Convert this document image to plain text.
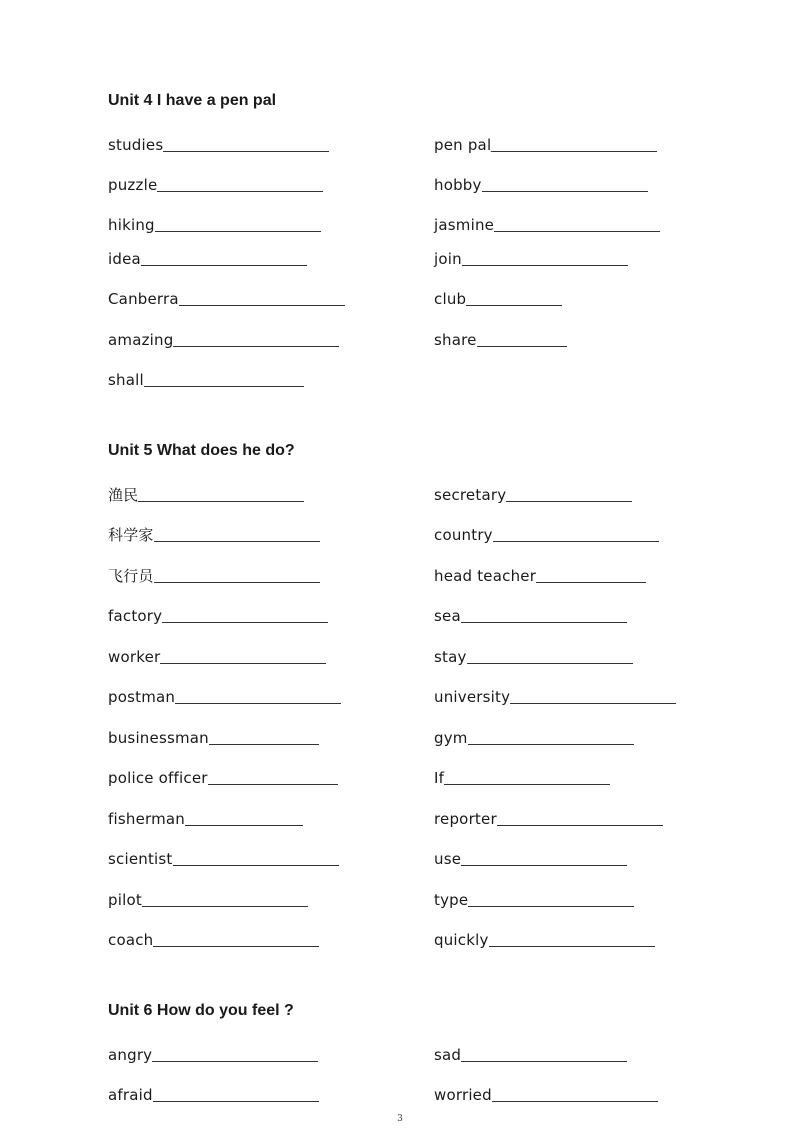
Unit 4 I have a pen pal
studies	pen pal
puzzle	hobby
hiking	jasmine
idea	join
Canberra	club
amazing	share
shall
Unit 5 What does he do?
渔民	secretary
科学家	country
飞行员	head teacher
factory	sea
worker	stay
postman	university
businessman	gym
police officer	If
fisherman	reporter
scientist	use
pilot	type
coach	quickly
Unit 6 How do you feel ?
angry	sad
afraid	worried
3
